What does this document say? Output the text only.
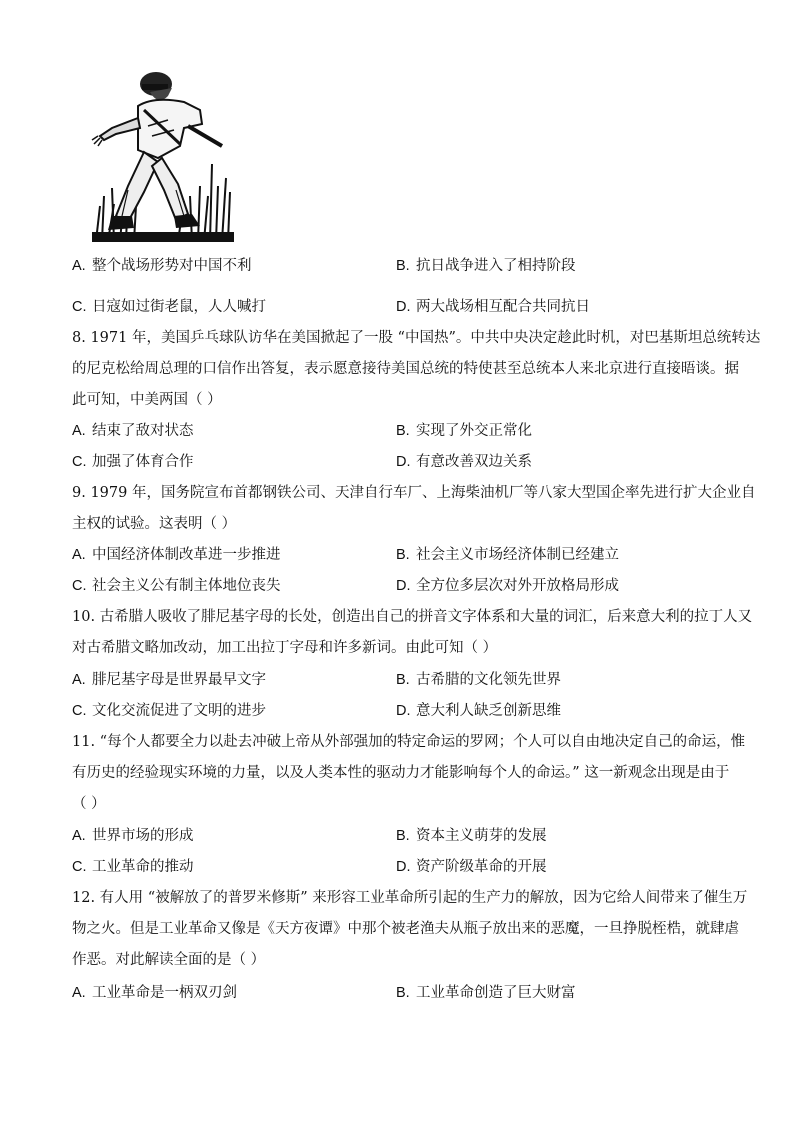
A. 整个战场形势对中国不利	B. 抗日战争进入了相持阶段
C. 日寇如过街老鼠，人人喊打	D. 两大战场相互配合共同抗日
8. 1971 年，美国乒乓球队访华在美国掀起了一股 “中国热”。中共中央决定趁此时机，对巴基斯坦总统转达
的尼克松给周总理的口信作出答复，表示愿意接待美国总统的特使甚至总统本人来北京进行直接晤谈。据
此可知，中美两国（ ）
A. 结束了敌对状态	B. 实现了外交正常化
C. 加强了体育合作	D. 有意改善双边关系
9. 1979 年，国务院宣布首都钢铁公司、天津自行车厂、上海柴油机厂等八家大型国企率先进行扩大企业自
主权的试验。这表明（ ）
A. 中国经济体制改革进一步推进	B. 社会主义市场经济体制已经建立
C. 社会主义公有制主体地位丧失	D. 全方位多层次对外开放格局形成
10. 古希腊人吸收了腓尼基字母的长处，创造出自己的拼音文字体系和大量的词汇，后来意大利的拉丁人又
对古希腊文略加改动，加工出拉丁字母和许多新词。由此可知（ ）
A. 腓尼基字母是世界最早文字	B. 古希腊的文化领先世界
C. 文化交流促进了文明的进步	D. 意大利人缺乏创新思维
11. “每个人都要全力以赴去冲破上帝从外部强加的特定命运的罗网；个人可以自由地决定自己的命运，惟
有历史的经验现实环境的力量，以及人类本性的驱动力才能影响每个人的命运。” 这一新观念出现是由于
（ ）
A. 世界市场的形成	B. 资本主义萌芽的发展
C. 工业革命的推动	D. 资产阶级革命的开展
12. 有人用 “被解放了的普罗米修斯” 来形容工业革命所引起的生产力的解放，因为它给人间带来了催生万
物之火。但是工业革命又像是《天方夜谭》中那个被老渔夫从瓶子放出来的恶魔，一旦挣脱桎梏，就肆虐
作恶。对此解读全面的是（ ）
A. 工业革命是一柄双刃剑	B. 工业革命创造了巨大财富
